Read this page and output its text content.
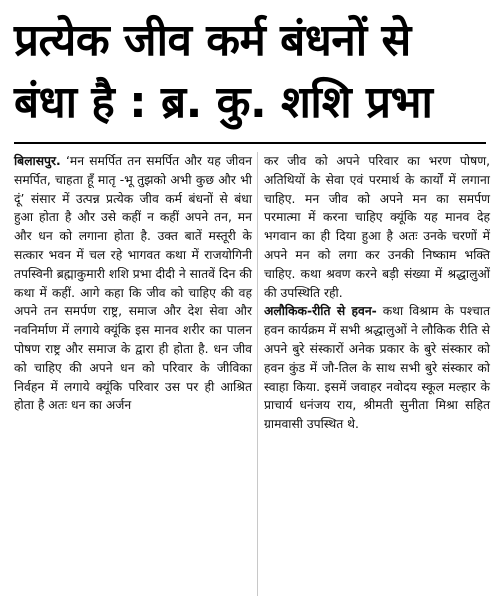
प्रत्येक जीव कर्म बंधनों से
बंधा है : ब्र. कु. शशि प्रभा

बिलासपुर. ‘मन समर्पित तन समर्पित और यह जीवन समर्पित, चाहता हूँ मातृ -भू तुझको अभी कुछ और भी दूं’ संसार में उत्पन्न प्रत्येक जीव कर्म बंधनों से बंधा हुआ होता है और उसे कहीं न कहीं अपने तन, मन और धन को लगाना होता है. उक्त बातें मस्तूरी के सत्कार भवन में चल रहे भागवत कथा में राजयोगिनी तपस्विनी ब्रह्माकुमारी शशि प्रभा दीदी ने सातवें दिन की कथा में कहीं. आगे कहा कि जीव को चाहिए की वह अपने तन समर्पण राष्ट्र, समाज और देश सेवा और नवनिर्माण में लगाये क्यूंकि इस मानव शरीर का पालन पोषण राष्ट्र और समाज के द्वारा ही होता है. धन जीव को चाहिए की अपने धन को परिवार के जीविका निर्वहन में लगाये क्यूंकि परिवार उस पर ही आश्रित होता है अतः धन का अर्जन

कर जीव को अपने परिवार का भरण पोषण, अतिथियों के सेवा एवं परमार्थ के कार्यों में लगाना चाहिए. मन जीव को अपने मन का समर्पण परमात्मा में करना चाहिए क्यूंकि यह मानव देह भगवान का ही दिया हुआ है अतः उनके चरणों में अपने मन को लगा कर उनकी निष्काम भक्ति चाहिए. कथा श्रवण करने बड़ी संख्या में श्रद्धालुओं की उपस्थिति रही.

अलौकिक-रीति से हवन- कथा विश्राम के पश्चात हवन कार्यक्रम में सभी श्रद्धालुओं ने लौकिक रीति से अपने बुरे संस्कारों अनेक प्रकार के बुरे संस्कार को हवन कुंड में जौ-तिल के साथ सभी बुरे संस्कार को स्वाहा किया. इसमें जवाहर नवोदय स्कूल मल्हार के प्राचार्य धनंजय राय, श्रीमती सुनीता मिश्रा सहित ग्रामवासी उपस्थित थे.
